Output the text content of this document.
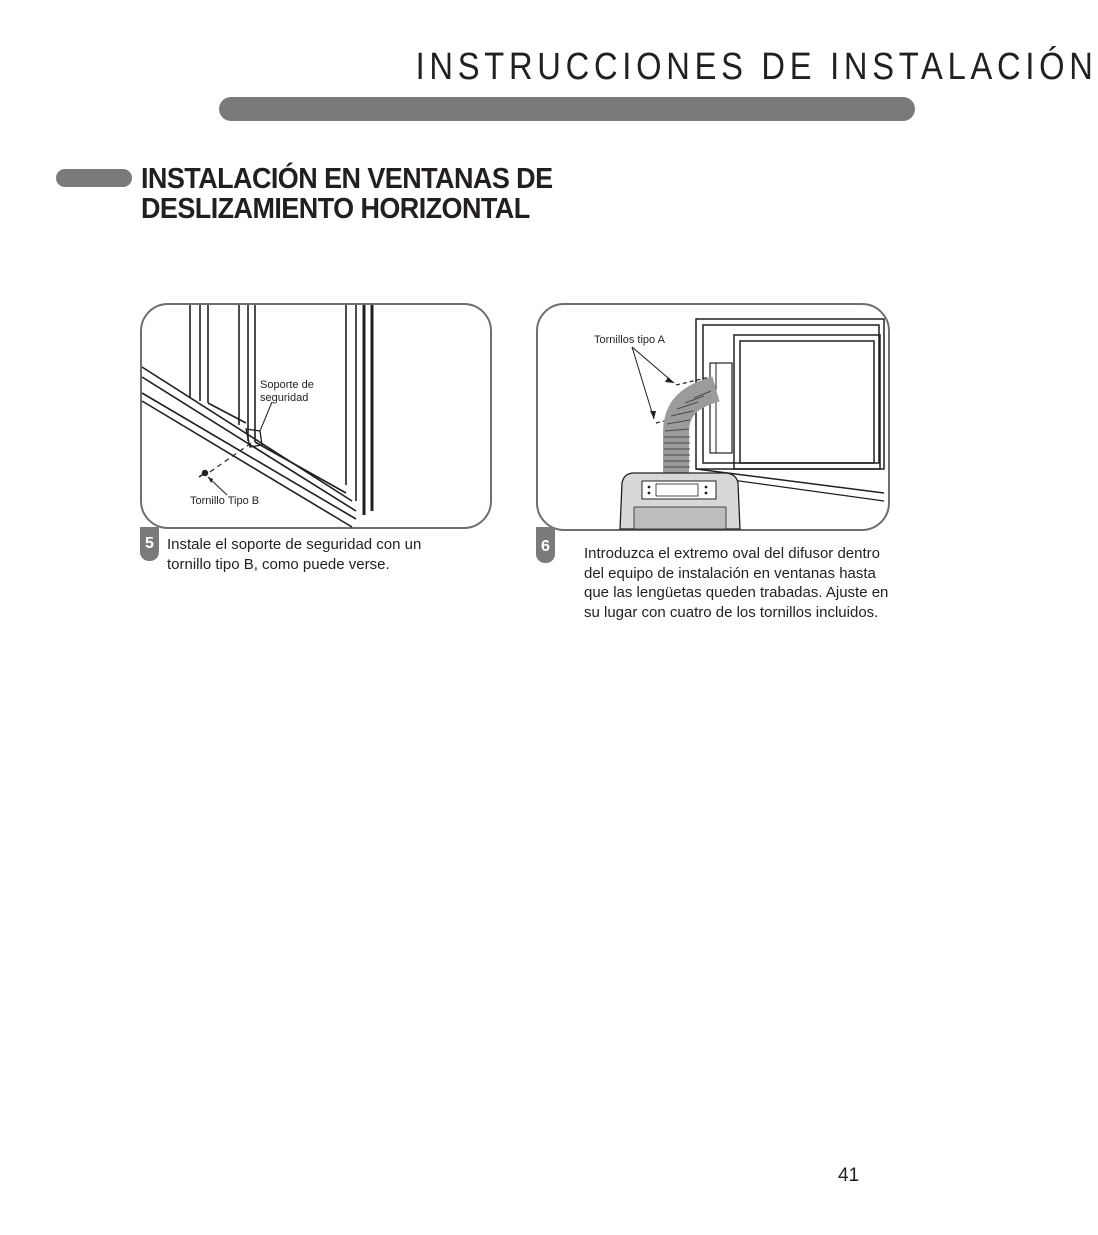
INSTRUCCIONES DE INSTALACIÓN
INSTALACIÓN EN VENTANAS DE
DESLIZAMIENTO HORIZONTAL
Soporte de seguridad
Tornillo Tipo B
5 Instale el soporte de seguridad con un tornillo tipo B, como puede verse.
Tornillos tipo A
6	Introduzca el extremo oval del difusor dentro del equipo de instalación en ventanas hasta que las lengüetas queden trabadas. Ajuste en su lugar con cuatro de los tornillos incluidos.
41
